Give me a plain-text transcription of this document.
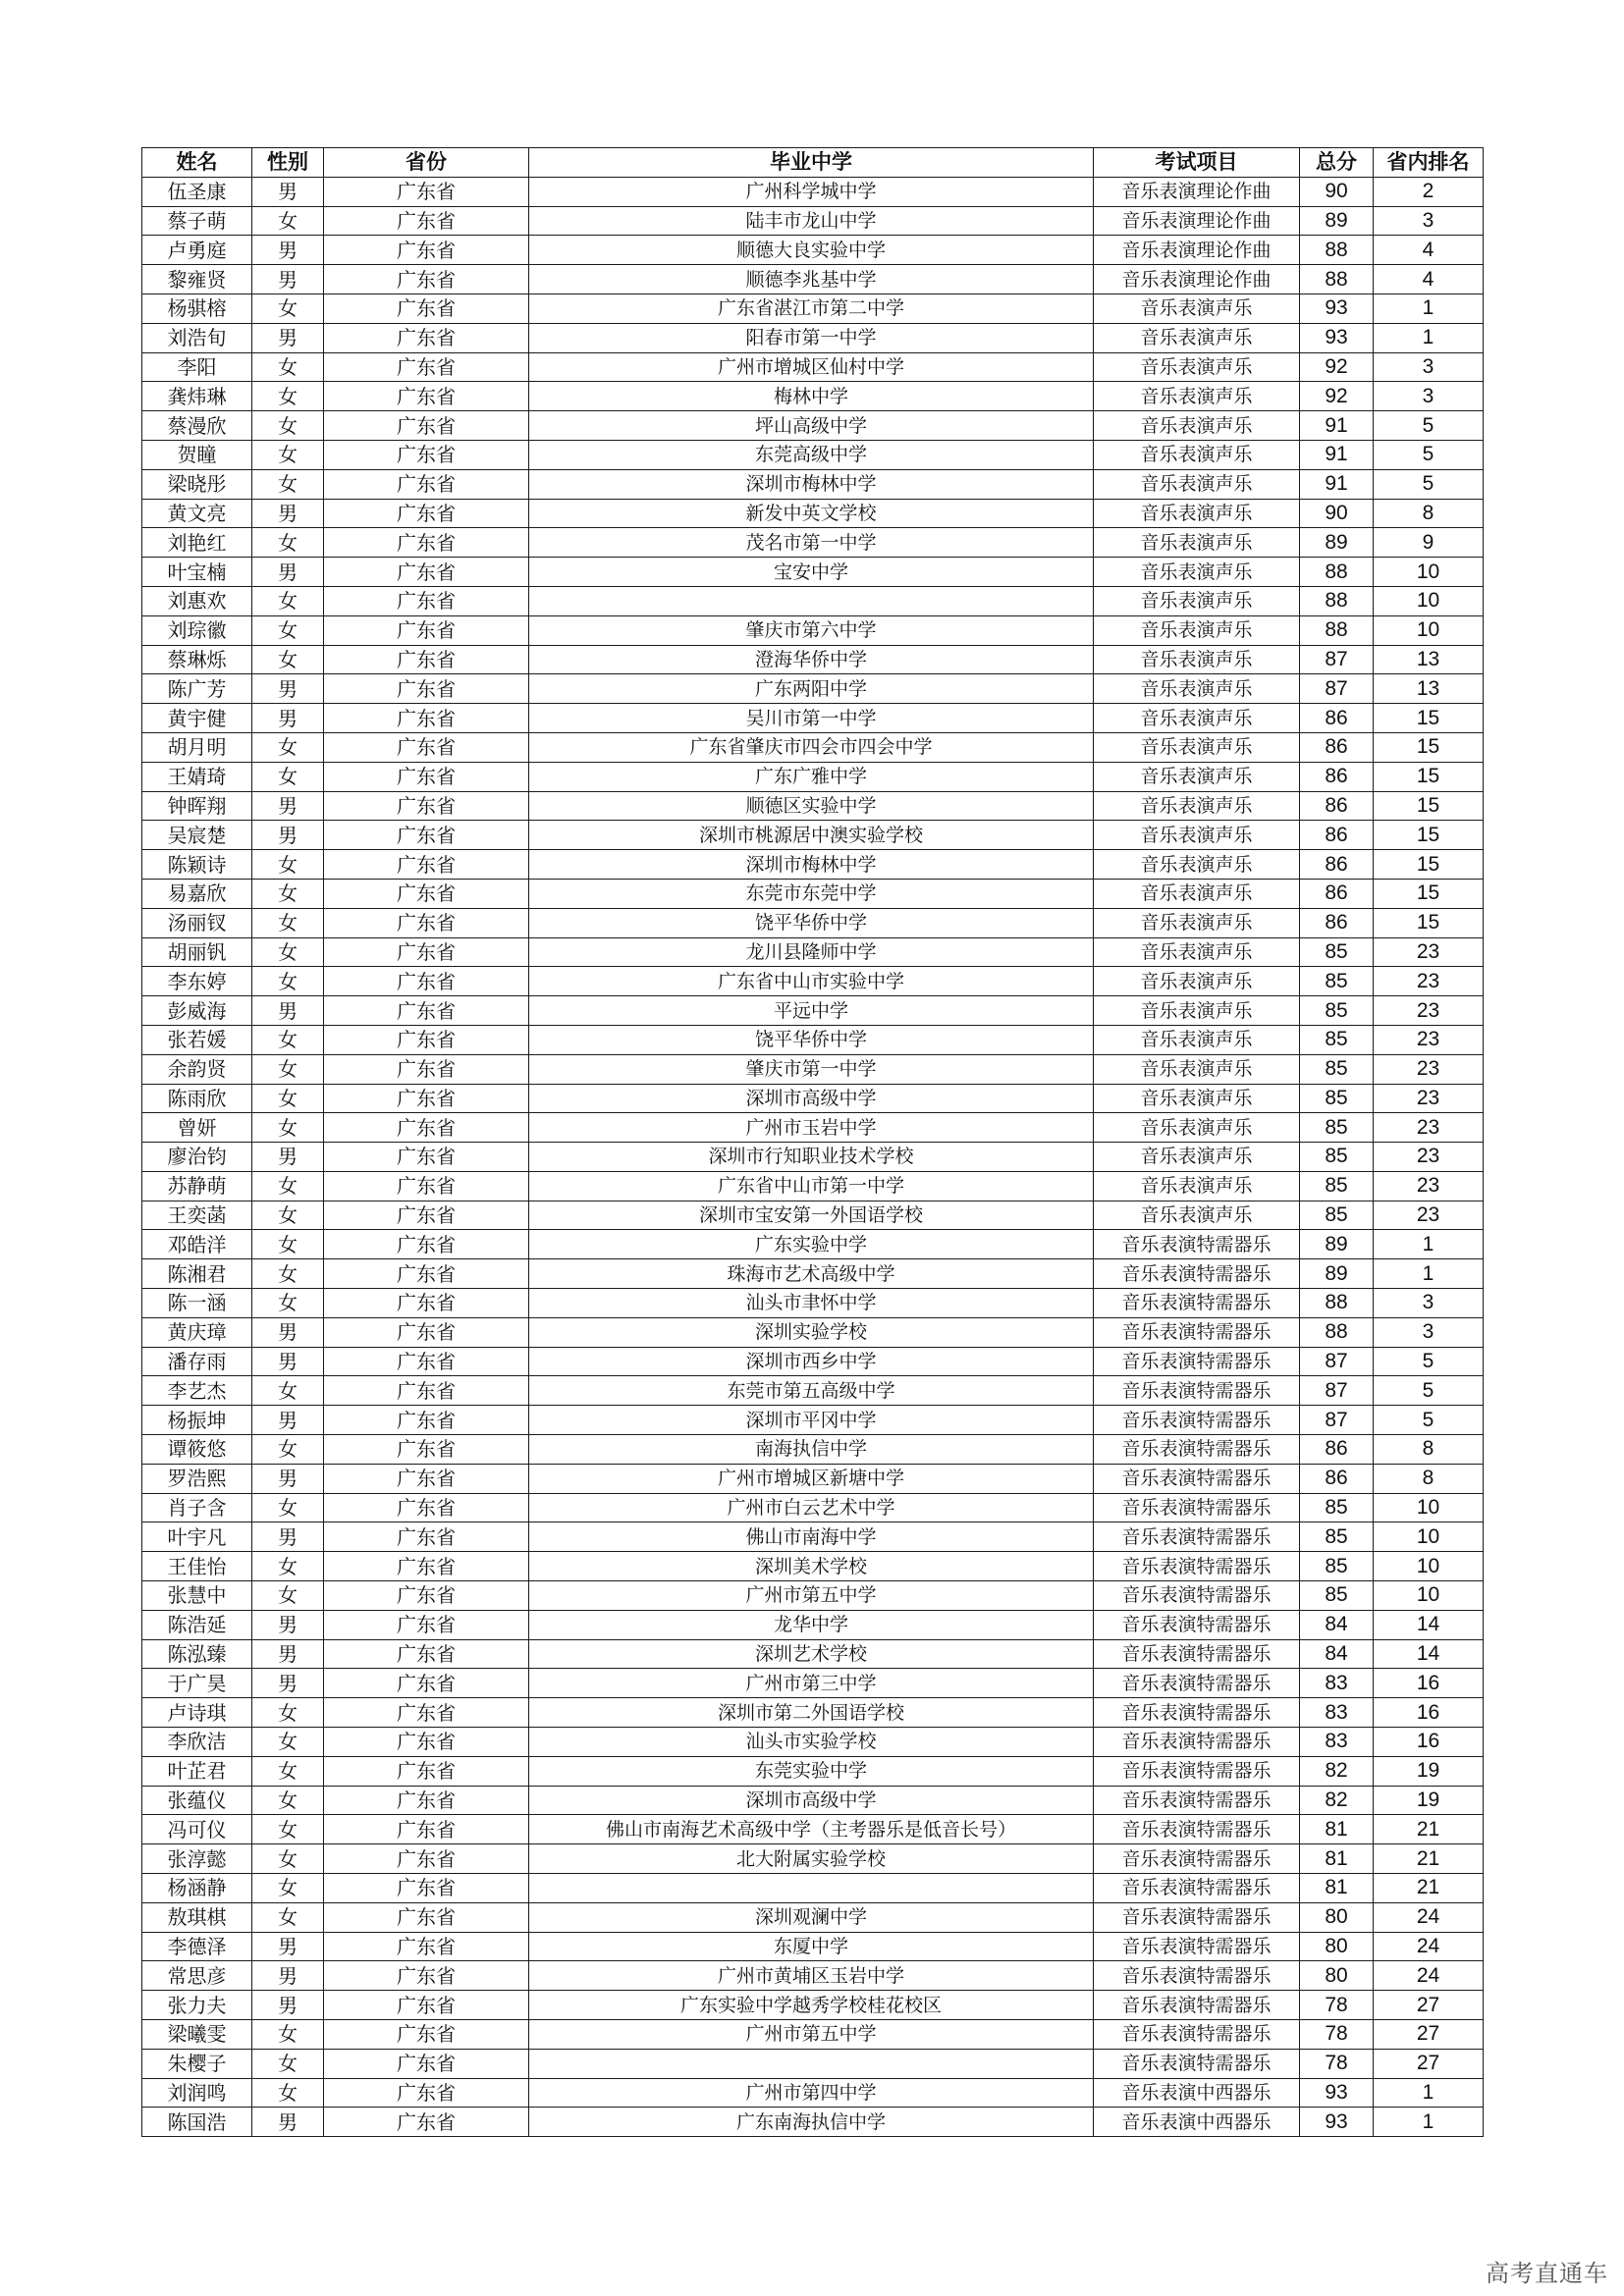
姓名	性别	省份	毕业中学	考试项目	总分	省内排名
伍圣康	男	广东省	广州科学城中学	音乐表演理论作曲	90	2
蔡子萌	女	广东省	陆丰市龙山中学	音乐表演理论作曲	89	3
卢勇庭	男	广东省	顺德大良实验中学	音乐表演理论作曲	88	4
黎雍贤	男	广东省	顺德李兆基中学	音乐表演理论作曲	88	4
杨骐榕	女	广东省	广东省湛江市第二中学	音乐表演声乐	93	1
刘浩旬	男	广东省	阳春市第一中学	音乐表演声乐	93	1
李阳	女	广东省	广州市增城区仙村中学	音乐表演声乐	92	3
龚炜琳	女	广东省	梅林中学	音乐表演声乐	92	3
蔡漫欣	女	广东省	坪山高级中学	音乐表演声乐	91	5
贺瞳	女	广东省	东莞高级中学	音乐表演声乐	91	5
梁晓彤	女	广东省	深圳市梅林中学	音乐表演声乐	91	5
黄文亮	男	广东省	新发中英文学校	音乐表演声乐	90	8
刘艳红	女	广东省	茂名市第一中学	音乐表演声乐	89	9
叶宝楠	男	广东省	宝安中学	音乐表演声乐	88	10
刘惠欢	女	广东省		音乐表演声乐	88	10
刘琮徽	女	广东省	肇庆市第六中学	音乐表演声乐	88	10
蔡琳烁	女	广东省	澄海华侨中学	音乐表演声乐	87	13
陈广芳	男	广东省	广东两阳中学	音乐表演声乐	87	13
黄宇健	男	广东省	吴川市第一中学	音乐表演声乐	86	15
胡月明	女	广东省	广东省肇庆市四会市四会中学	音乐表演声乐	86	15
王婧琦	女	广东省	广东广雅中学	音乐表演声乐	86	15
钟晖翔	男	广东省	顺德区实验中学	音乐表演声乐	86	15
吴宸楚	男	广东省	深圳市桃源居中澳实验学校	音乐表演声乐	86	15
陈颖诗	女	广东省	深圳市梅林中学	音乐表演声乐	86	15
易嘉欣	女	广东省	东莞市东莞中学	音乐表演声乐	86	15
汤丽钗	女	广东省	饶平华侨中学	音乐表演声乐	86	15
胡丽钒	女	广东省	龙川县隆师中学	音乐表演声乐	85	23
李东婷	女	广东省	广东省中山市实验中学	音乐表演声乐	85	23
彭威海	男	广东省	平远中学	音乐表演声乐	85	23
张若媛	女	广东省	饶平华侨中学	音乐表演声乐	85	23
余韵贤	女	广东省	肇庆市第一中学	音乐表演声乐	85	23
陈雨欣	女	广东省	深圳市高级中学	音乐表演声乐	85	23
曾妍	女	广东省	广州市玉岩中学	音乐表演声乐	85	23
廖治钧	男	广东省	深圳市行知职业技术学校	音乐表演声乐	85	23
苏静萌	女	广东省	广东省中山市第一中学	音乐表演声乐	85	23
王奕菡	女	广东省	深圳市宝安第一外国语学校	音乐表演声乐	85	23
邓皓洋	女	广东省	广东实验中学	音乐表演特需器乐	89	1
陈湘君	女	广东省	珠海市艺术高级中学	音乐表演特需器乐	89	1
陈一涵	女	广东省	汕头市聿怀中学	音乐表演特需器乐	88	3
黄庆璋	男	广东省	深圳实验学校	音乐表演特需器乐	88	3
潘存雨	男	广东省	深圳市西乡中学	音乐表演特需器乐	87	5
李艺杰	女	广东省	东莞市第五高级中学	音乐表演特需器乐	87	5
杨振坤	男	广东省	深圳市平冈中学	音乐表演特需器乐	87	5
谭筱悠	女	广东省	南海执信中学	音乐表演特需器乐	86	8
罗浩熙	男	广东省	广州市增城区新塘中学	音乐表演特需器乐	86	8
肖子含	女	广东省	广州市白云艺术中学	音乐表演特需器乐	85	10
叶宇凡	男	广东省	佛山市南海中学	音乐表演特需器乐	85	10
王佳怡	女	广东省	深圳美术学校	音乐表演特需器乐	85	10
张慧中	女	广东省	广州市第五中学	音乐表演特需器乐	85	10
陈浩延	男	广东省	龙华中学	音乐表演特需器乐	84	14
陈泓臻	男	广东省	深圳艺术学校	音乐表演特需器乐	84	14
于广昊	男	广东省	广州市第三中学	音乐表演特需器乐	83	16
卢诗琪	女	广东省	深圳市第二外国语学校	音乐表演特需器乐	83	16
李欣洁	女	广东省	汕头市实验学校	音乐表演特需器乐	83	16
叶芷君	女	广东省	东莞实验中学	音乐表演特需器乐	82	19
张蕴仪	女	广东省	深圳市高级中学	音乐表演特需器乐	82	19
冯可仪	女	广东省	佛山市南海艺术高级中学（主考器乐是低音长号）	音乐表演特需器乐	81	21
张淳懿	女	广东省	北大附属实验学校	音乐表演特需器乐	81	21
杨涵静	女	广东省		音乐表演特需器乐	81	21
敖琪棋	女	广东省	深圳观澜中学	音乐表演特需器乐	80	24
李德泽	男	广东省	东厦中学	音乐表演特需器乐	80	24
常思彦	男	广东省	广州市黄埔区玉岩中学	音乐表演特需器乐	80	24
张力夫	男	广东省	广东实验中学越秀学校桂花校区	音乐表演特需器乐	78	27
梁曦雯	女	广东省	广州市第五中学	音乐表演特需器乐	78	27
朱樱子	女	广东省		音乐表演特需器乐	78	27
刘润鸣	女	广东省	广州市第四中学	音乐表演中西器乐	93	1
陈国浩	男	广东省	广东南海执信中学	音乐表演中西器乐	93	1
高考直通车
